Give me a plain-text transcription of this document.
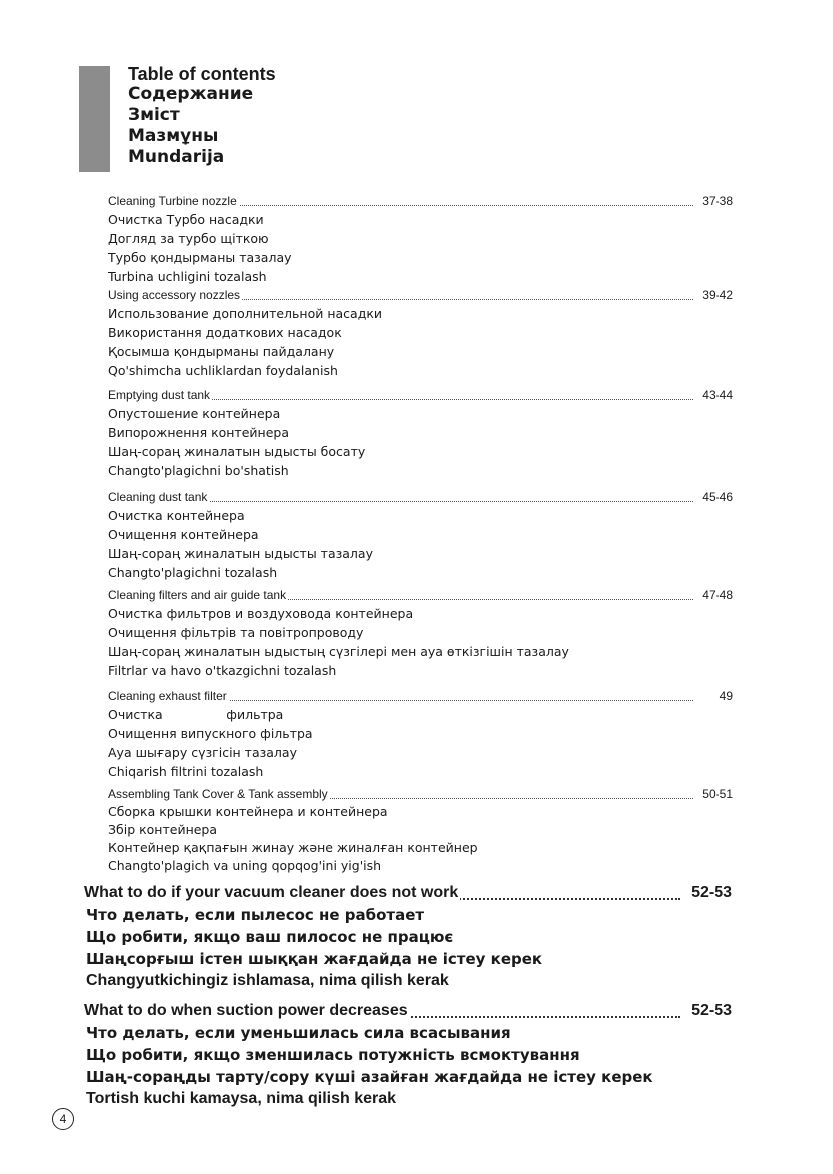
Table of contents

Содержание

Зміст

Мазмұны

Mundarija

Cleaning Turbine nozzle	37-38

Очистка Турбо насадки

Догляд за турбо щіткою

Турбо қондырманы тазалау

Turbina uchligini tozalash

Using accessory nozzles	39-42

Использование дополнительной насадки

Використання додаткових насадок

Қосымша қондырманы пайдалану

Qo'shimcha uchliklardan foydalanish

Emptying dust tank	43-44

Опустошение контейнера

Випорожнення контейнера

Шаң-сораң жиналатын ыдысты босату

Changto'plagichni bo'shatish

Cleaning dust tank	45-46

Очистка контейнера

Очищення контейнера

Шаң-сораң жиналатын ыдысты тазалау

Changto'plagichni tozalash

Cleaning filters and air guide tank	47-48

Очистка фильтров и воздуховода контейнера

Очищення фільтрів та повітропроводу

Шаң-сораң жиналатын ыдыстың сүзгілері мен ауа өткізгішін тазалау

Filtrlar va havo o'tkazgichni tozalash

Cleaning exhaust filter	49

Очистка                фильтра

Очищення випускного фільтра

Ауа шығару сүзгісін тазалау

Chiqarish filtrini tozalash

Assembling Tank Cover & Tank assembly	50-51

Сборка крышки контейнера и контейнера

Збір контейнера

Контейнер қақпағын жинау және жиналған контейнер

Changto'plagich va uning qopqog'ini yig'ish

What to do if your vacuum cleaner does not work	52-53

Что делать, если пылесос не работает

Що робити, якщо ваш пилосос не працює

Шаңсорғыш істен шыққан жағдайда не істеу керек

Changyutkichingiz ishlamasa, nima qilish kerak

What to do when suction power decreases	52-53

Что делать, если уменьшилась сила всасывания

Що робити, якщо зменшилась потужність всмоктування

Шаң-сораңды тарту/сору күші азайған жағдайда не істеу керек

Tortish kuchi kamaysa, nima qilish kerak

4
